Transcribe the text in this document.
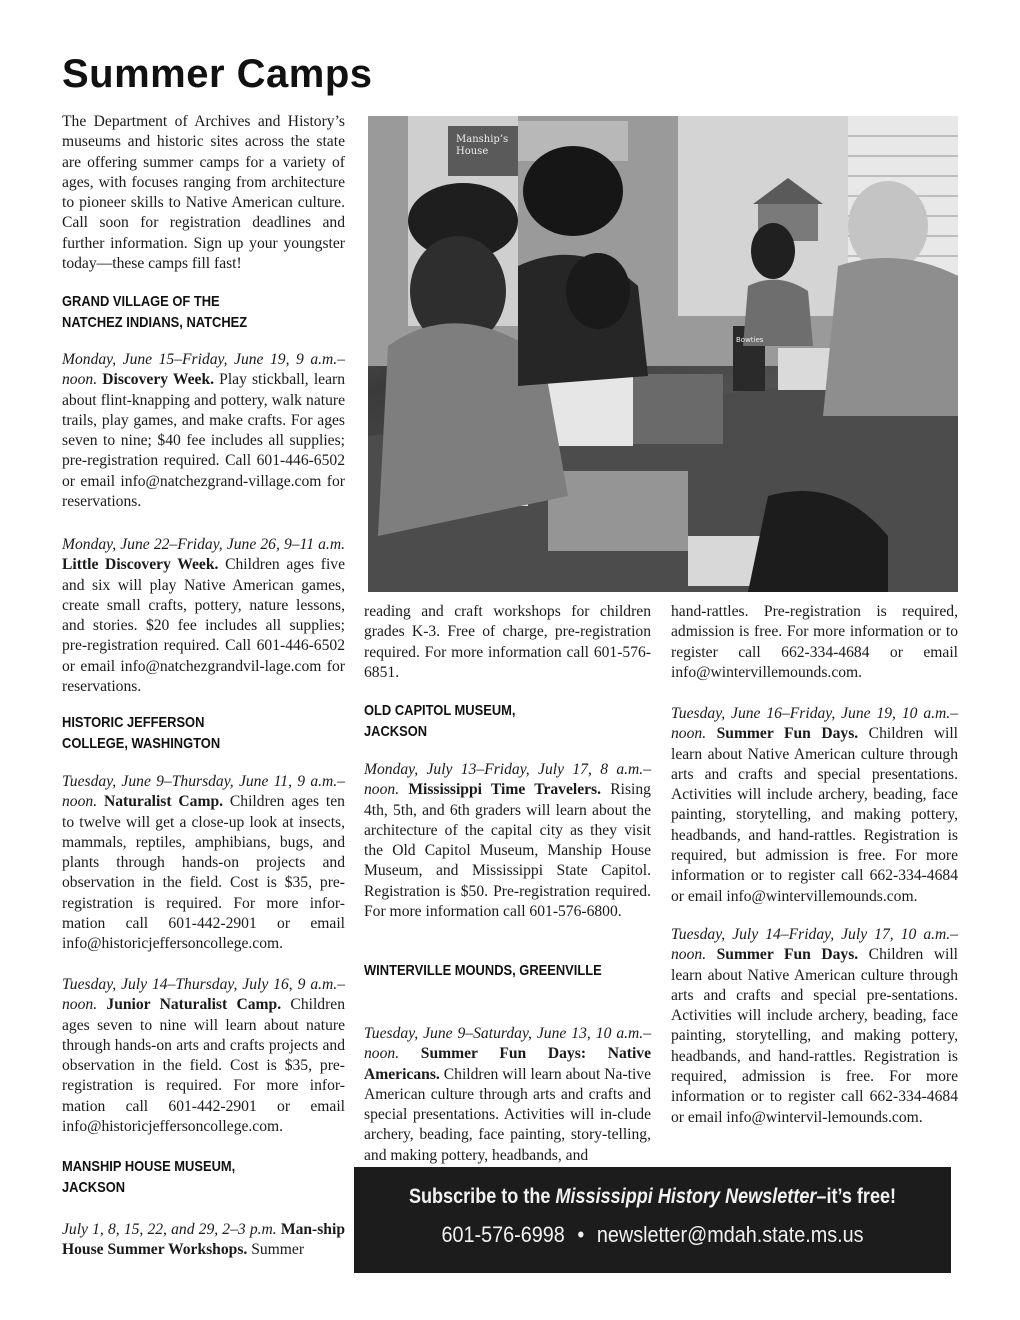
Summer Camps

The Department of Archives and History’s museums and historic sites across the state are offering summer camps for a variety of ages, with focuses ranging from architecture to pioneer skills to Native American culture. Call soon for registration deadlines and further information. Sign up your youngster today—these camps fill fast!

GRAND VILLAGE OF THE
NATCHEZ INDIANS, NATCHEZ

Monday, June 15–Friday, June 19, 9 a.m.–noon. Discovery Week. Play stickball, learn about flint-knapping and pottery, walk nature trails, play games, and make crafts. For ages seven to nine; $40 fee includes all supplies; pre-registration required. Call 601-446-6502 or email info@natchezgrand-village.com for reservations.

Monday, June 22–Friday, June 26, 9–11 a.m. Little Discovery Week. Children ages five and six will play Native American games, create small crafts, pottery, nature lessons, and stories. $20 fee includes all supplies; pre-registration required. Call 601-446-6502 or email info@natchezgrandvil-lage.com for reservations.

HISTORIC JEFFERSON
COLLEGE, WASHINGTON

Tuesday, June 9–Thursday, June 11, 9 a.m.–noon. Naturalist Camp. Children ages ten to twelve will get a close-up look at insects, mammals, reptiles, amphibians, bugs, and plants through hands-on projects and observation in the field. Cost is $35, pre-registration is required. For more infor-mation call 601-442-2901 or email info@historicjeffersoncollege.com.

Tuesday, July 14–Thursday, July 16, 9 a.m.–noon. Junior Naturalist Camp. Children ages seven to nine will learn about nature through hands-on arts and crafts projects and observation in the field. Cost is $35, pre-registration is required. For more infor-mation call 601-442-2901 or email info@historicjeffersoncollege.com.

MANSHIP HOUSE MUSEUM,
JACKSON

July 1, 8, 15, 22, and 29, 2–3 p.m. Man-ship House Summer Workshops. Summer

Manship’s
House
Bowties

reading and craft workshops for children grades K-3. Free of charge, pre-registration required. For more information call 601-576-6851.

OLD CAPITOL MUSEUM,
JACKSON

Monday, July 13–Friday, July 17, 8 a.m.–noon. Mississippi Time Travelers. Rising 4th, 5th, and 6th graders will learn about the architecture of the capital city as they visit the Old Capitol Museum, Manship House Museum, and Mississippi State Capitol. Registration is $50. Pre-registration required. For more information call 601-576-6800.

WINTERVILLE MOUNDS, GREENVILLE

Tuesday, June 9–Saturday, June 13, 10 a.m.–noon. Summer Fun Days: Native Americans. Children will learn about Na-tive American culture through arts and crafts and special presentations. Activities will in-clude archery, beading, face painting, story-telling, and making pottery, headbands, and

hand-rattles. Pre-registration is required, admission is free. For more information or to register call 662-334-4684 or email info@wintervillemounds.com.

Tuesday, June 16–Friday, June 19, 10 a.m.–noon. Summer Fun Days. Children will learn about Native American culture through arts and crafts and special presentations. Activities will include archery, beading, face painting, storytelling, and making pottery, headbands, and hand-rattles. Registration is required, but admission is free. For more information or to register call 662-334-4684 or email info@wintervillemounds.com.

Tuesday, July 14–Friday, July 17, 10 a.m.–noon. Summer Fun Days. Children will learn about Native American culture through arts and crafts and special pre-sentations. Activities will include archery, beading, face painting, storytelling, and making pottery, headbands, and hand-rattles. Registration is required, admission is free. For more information or to register call 662-334-4684 or email info@wintervil-lemounds.com.

Subscribe to the Mississippi History Newsletter–it’s free!
601-576-6998 • newsletter@mdah.state.ms.us
